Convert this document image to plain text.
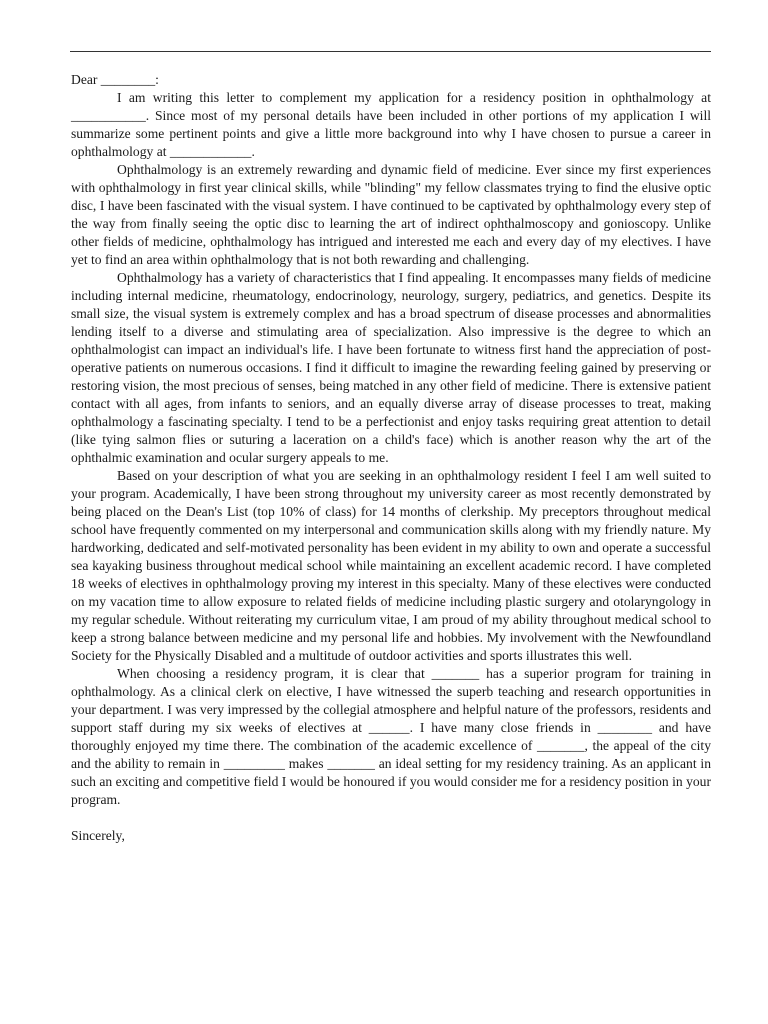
Dear ________:

I am writing this letter to complement my application for a residency position in ophthalmology at ___________. Since most of my personal details have been included in other portions of my application I will summarize some pertinent points and give a little more background into why I have chosen to pursue a career in ophthalmology at ____________.

Ophthalmology is an extremely rewarding and dynamic field of medicine. Ever since my first experiences with ophthalmology in first year clinical skills, while "blinding" my fellow classmates trying to find the elusive optic disc, I have been fascinated with the visual system. I have continued to be captivated by ophthalmology every step of the way from finally seeing the optic disc to learning the art of indirect ophthalmoscopy and gonioscopy. Unlike other fields of medicine, ophthalmology has intrigued and interested me each and every day of my electives. I have yet to find an area within ophthalmology that is not both rewarding and challenging.

Ophthalmology has a variety of characteristics that I find appealing. It encompasses many fields of medicine including internal medicine, rheumatology, endocrinology, neurology, surgery, pediatrics, and genetics. Despite its small size, the visual system is extremely complex and has a broad spectrum of disease processes and abnormalities lending itself to a diverse and stimulating area of specialization. Also impressive is the degree to which an ophthalmologist can impact an individual's life. I have been fortunate to witness first hand the appreciation of post-operative patients on numerous occasions. I find it difficult to imagine the rewarding feeling gained by preserving or restoring vision, the most precious of senses, being matched in any other field of medicine. There is extensive patient contact with all ages, from infants to seniors, and an equally diverse array of disease processes to treat, making ophthalmology a fascinating specialty. I tend to be a perfectionist and enjoy tasks requiring great attention to detail (like tying salmon flies or suturing a laceration on a child's face) which is another reason why the art of the ophthalmic examination and ocular surgery appeals to me.

Based on your description of what you are seeking in an ophthalmology resident I feel I am well suited to your program. Academically, I have been strong throughout my university career as most recently demonstrated by being placed on the Dean's List (top 10% of class) for 14 months of clerkship. My preceptors throughout medical school have frequently commented on my interpersonal and communication skills along with my friendly nature. My hardworking, dedicated and self-motivated personality has been evident in my ability to own and operate a successful sea kayaking business throughout medical school while maintaining an excellent academic record. I have completed 18 weeks of electives in ophthalmology proving my interest in this specialty. Many of these electives were conducted on my vacation time to allow exposure to related fields of medicine including plastic surgery and otolaryngology in my regular schedule. Without reiterating my curriculum vitae, I am proud of my ability throughout medical school to keep a strong balance between medicine and my personal life and hobbies. My involvement with the Newfoundland Society for the Physically Disabled and a multitude of outdoor activities and sports illustrates this well.

When choosing a residency program, it is clear that _______ has a superior program for training in ophthalmology. As a clinical clerk on elective, I have witnessed the superb teaching and research opportunities in your department. I was very impressed by the collegial atmosphere and helpful nature of the professors, residents and support staff during my six weeks of electives at ______. I have many close friends in ________ and have thoroughly enjoyed my time there. The combination of the academic excellence of _______, the appeal of the city and the ability to remain in _________ makes _______ an ideal setting for my residency training. As an applicant in such an exciting and competitive field I would be honoured if you would consider me for a residency position in your program.

Sincerely,
